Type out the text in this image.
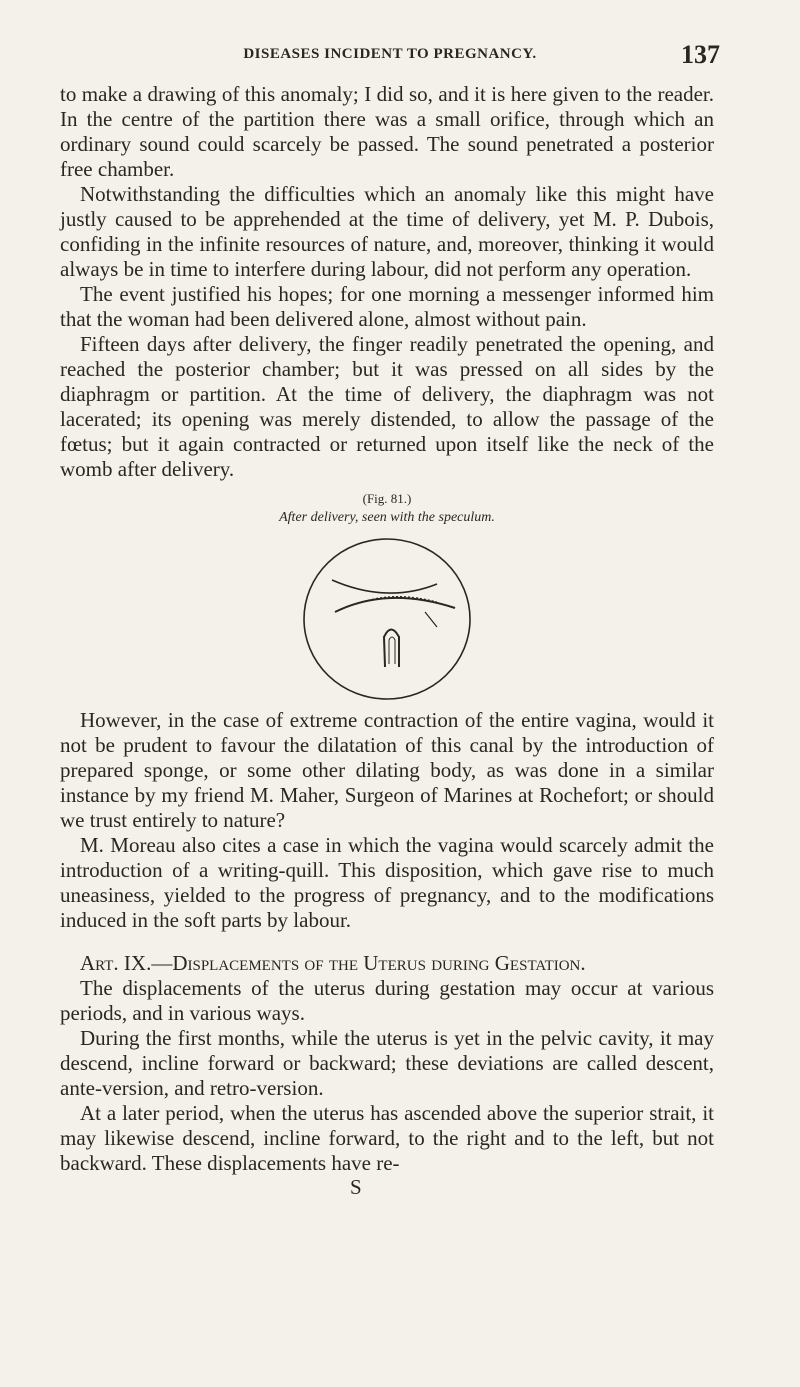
DISEASES INCIDENT TO PREGNANCY.	137

to make a drawing of this anomaly; I did so, and it is here given to the reader. In the centre of the partition there was a small orifice, through which an ordinary sound could scarcely be passed. The sound penetrated a posterior free chamber.

Notwithstanding the difficulties which an anomaly like this might have justly caused to be apprehended at the time of delivery, yet M. P. Dubois, confiding in the infinite resources of nature, and, moreover, thinking it would always be in time to interfere during labour, did not perform any operation.

The event justified his hopes; for one morning a messenger informed him that the woman had been delivered alone, almost without pain.

Fifteen days after delivery, the finger readily penetrated the opening, and reached the posterior chamber; but it was pressed on all sides by the diaphragm or partition. At the time of delivery, the diaphragm was not lacerated; its opening was merely distended, to allow the passage of the fœtus; but it again contracted or returned upon itself like the neck of the womb after delivery.

(Fig. 81.)
After delivery, seen with the speculum.

However, in the case of extreme contraction of the entire vagina, would it not be prudent to favour the dilatation of this canal by the introduction of prepared sponge, or some other dilating body, as was done in a similar instance by my friend M. Maher, Surgeon of Marines at Rochefort; or should we trust entirely to nature?

M. Moreau also cites a case in which the vagina would scarcely admit the introduction of a writing-quill. This disposition, which gave rise to much uneasiness, yielded to the progress of pregnancy, and to the modifications induced in the soft parts by labour.

Art. IX.—Displacements of the Uterus during Gestation.

The displacements of the uterus during gestation may occur at various periods, and in various ways.

During the first months, while the uterus is yet in the pelvic cavity, it may descend, incline forward or backward; these deviations are called descent, ante-version, and retro-version.

At a later period, when the uterus has ascended above the superior strait, it may likewise descend, incline forward, to the right and to the left, but not backward. These displacements have re-

S
